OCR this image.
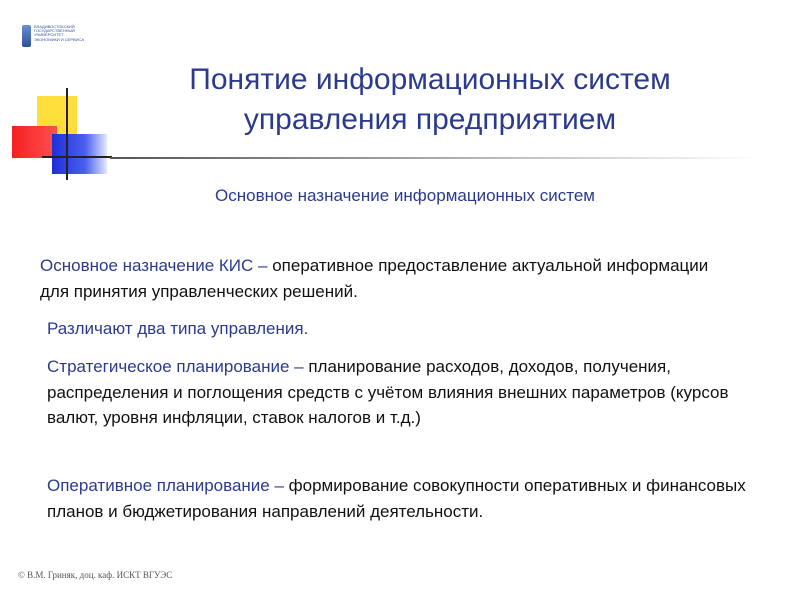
ВЛАДИВОСТОКСКИЙ ГОСУДАРСТВЕННЫЙ УНИВЕРСИТЕТ ЭКОНОМИКИ И СЕРВИСА
Понятие информационных систем
управления предприятием
Основное назначение информационных систем
Основное назначение КИС – оперативное предоставление актуальной информации для принятия управленческих решений.
Различают два типа управления.
Стратегическое планирование – планирование расходов, доходов, получения, распределения и поглощения средств с учётом влияния внешних параметров (курсов валют, уровня инфляции, ставок налогов и т.д.)
Оперативное планирование – формирование совокупности оперативных и финансовых планов и бюджетирования направлений деятельности.
© В.М. Гриняк, доц. каф. ИСКТ ВГУЭС
